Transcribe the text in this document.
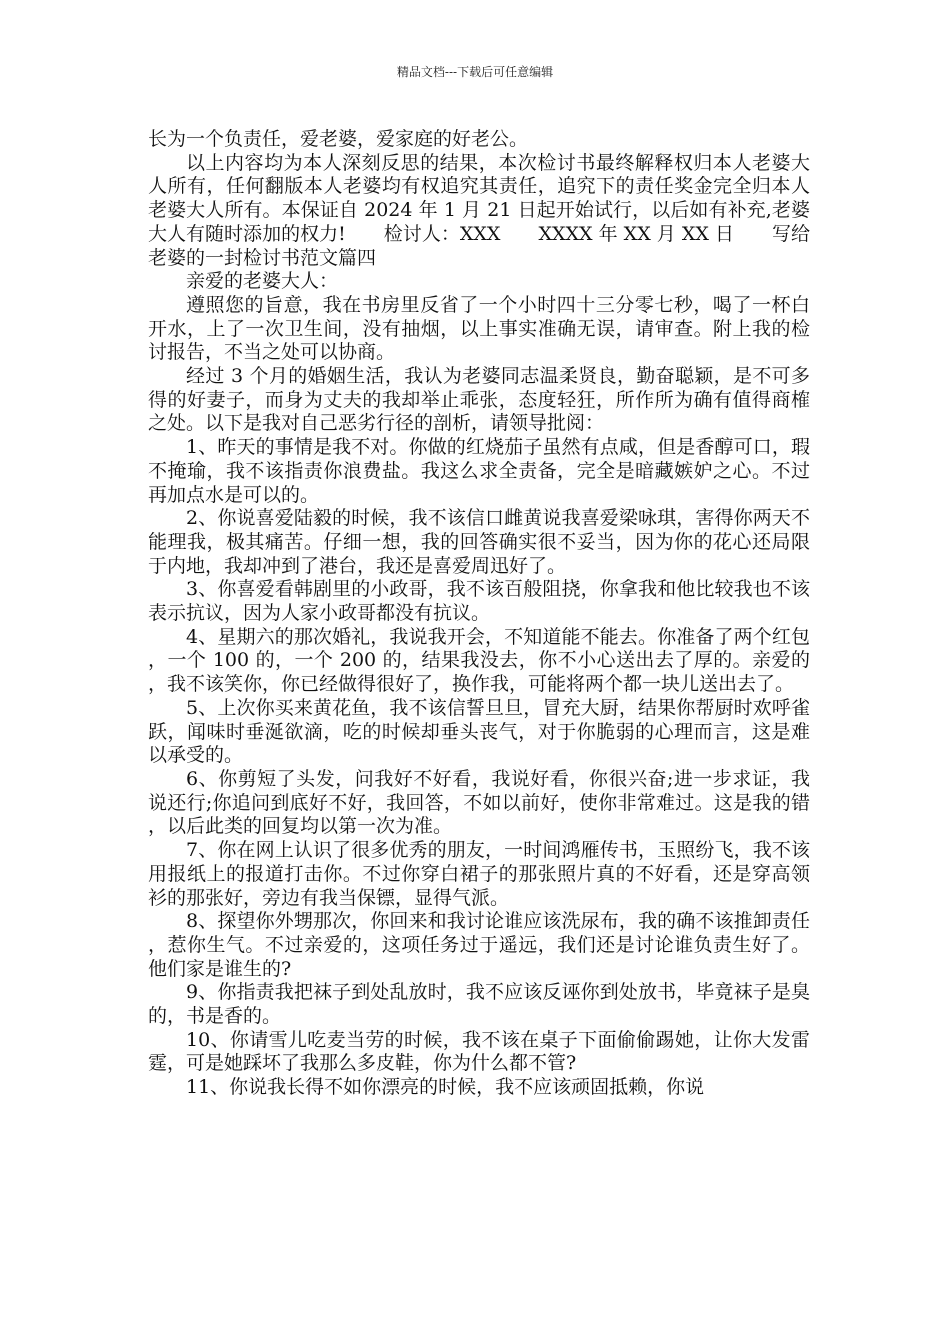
精品文档---下载后可任意编辑

长为一个负责任，爱老婆，爱家庭的好老公。

以上内容均为本人深刻反思的结果，本次检讨书最终解释权归本人老婆大人所有，任何翻版本人老婆均有权追究其责任，追究下的责任奖金完全归本人老婆大人所有。本保证自 2024 年 1 月 21 日起开始试行，以后如有补充,老婆大人有随时添加的权力!　　检讨人：XXX　　XXXX 年 XX 月 XX 日　　写给老婆的一封检讨书范文篇四

亲爱的老婆大人：

遵照您的旨意，我在书房里反省了一个小时四十三分零七秒，喝了一杯白开水，上了一次卫生间，没有抽烟，以上事实准确无误，请审查。附上我的检讨报告，不当之处可以协商。

经过 3 个月的婚姻生活，我认为老婆同志温柔贤良，勤奋聪颖，是不可多得的好妻子，而身为丈夫的我却举止乖张，态度轻狂，所作所为确有值得商榷之处。以下是我对自己恶劣行径的剖析，请领导批阅：

1、昨天的事情是我不对。你做的红烧茄子虽然有点咸，但是香醇可口，瑕不掩瑜，我不该指责你浪费盐。我这么求全责备，完全是暗藏嫉妒之心。不过再加点水是可以的。

2、你说喜爱陆毅的时候，我不该信口雌黄说我喜爱梁咏琪，害得你两天不能理我，极其痛苦。仔细一想，我的回答确实很不妥当，因为你的花心还局限于内地，我却冲到了港台，我还是喜爱周迅好了。

3、你喜爱看韩剧里的小政哥，我不该百般阻挠，你拿我和他比较我也不该表示抗议，因为人家小政哥都没有抗议。

4、星期六的那次婚礼，我说我开会，不知道能不能去。你准备了两个红包，一个 100 的，一个 200 的，结果我没去，你不小心送出去了厚的。亲爱的，我不该笑你，你已经做得很好了，换作我，可能将两个都一块儿送出去了。

5、上次你买来黄花鱼，我不该信誓旦旦，冒充大厨，结果你帮厨时欢呼雀跃，闻味时垂涎欲滴，吃的时候却垂头丧气，对于你脆弱的心理而言，这是难以承受的。

6、你剪短了头发，问我好不好看，我说好看，你很兴奋;进一步求证，我说还行;你追问到底好不好，我回答，不如以前好，使你非常难过。这是我的错，以后此类的回复均以第一次为准。

7、你在网上认识了很多优秀的朋友，一时间鸿雁传书，玉照纷飞，我不该用报纸上的报道打击你。不过你穿白裙子的那张照片真的不好看，还是穿高领衫的那张好，旁边有我当保镖，显得气派。

8、探望你外甥那次，你回来和我讨论谁应该洗尿布，我的确不该推卸责任，惹你生气。不过亲爱的，这项任务过于遥远，我们还是讨论谁负责生好了。他们家是谁生的?

9、你指责我把袜子到处乱放时，我不应该反诬你到处放书，毕竟袜子是臭的，书是香的。

10、你请雪儿吃麦当劳的时候，我不该在桌子下面偷偷踢她，让你大发雷霆，可是她踩坏了我那么多皮鞋，你为什么都不管?

11、你说我长得不如你漂亮的时候，我不应该顽固抵赖，你说
